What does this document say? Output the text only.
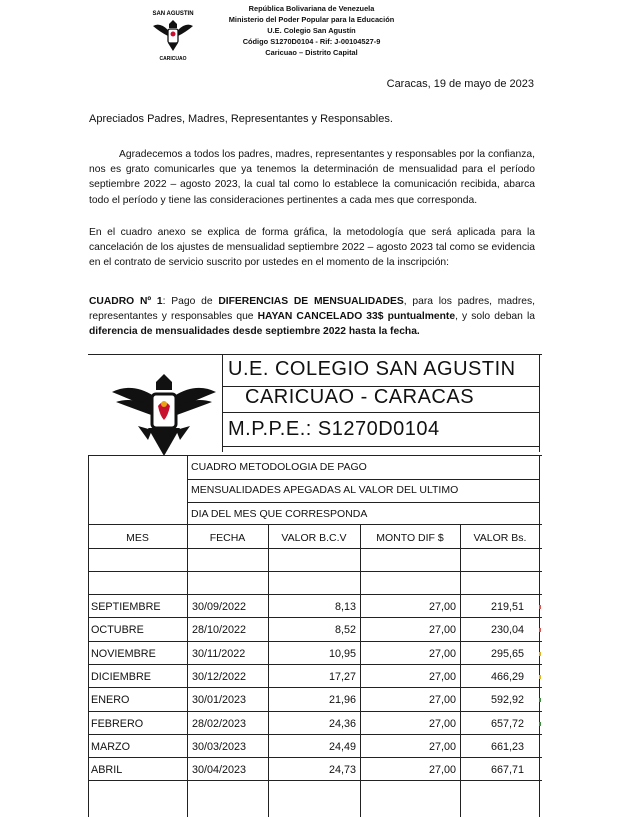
SAN AGUSTIN
CARICUAO
República Bolivariana de Venezuela
Ministerio del Poder Popular para la Educación
U.E. Colegio San Agustín
Código S1270D0104 - Rif: J-00104527-9
Caricuao – Distrito Capital
Caracas, 19 de mayo de 2023
Apreciados Padres, Madres, Representantes y Responsables.
Agradecemos a todos los padres, madres, representantes y responsables por la confianza, nos es grato comunicarles que ya tenemos la determinación de mensualidad para el período septiembre 2022 – agosto 2023, la cual tal como lo establece la comunicación recibida, abarca todo el período y tiene las consideraciones pertinentes a cada mes que corresponda.
En el cuadro anexo se explica de forma gráfica, la metodología que será aplicada para la cancelación de los ajustes de mensualidad septiembre 2022 – agosto 2023 tal como se evidencia en el contrato de servicio suscrito por ustedes en el momento de la inscripción:
CUADRO Nº 1: Pago de DIFERENCIAS DE MENSUALIDADES, para los padres, madres, representantes y responsables que HAYAN CANCELADO 33$ puntualmente, y solo deban la diferencia de mensualidades desde septiembre 2022 hasta la fecha.
U.E. COLEGIO SAN AGUSTIN
CARICUAO - CARACAS
M.P.P.E.: S1270D0104
CUADRO METODOLOGIA DE PAGO
MENSUALIDADES APEGADAS AL VALOR DEL ULTIMO
DIA DEL MES QUE CORRESPONDA
MES	FECHA	VALOR B.C.V	MONTO DIF $	VALOR Bs.
SEPTIEMBRE	30/09/2022	8,13	27,00	219,51
OCTUBRE	28/10/2022	8,52	27,00	230,04
NOVIEMBRE	30/11/2022	10,95	27,00	295,65
DICIEMBRE	30/12/2022	17,27	27,00	466,29
ENERO	30/01/2023	21,96	27,00	592,92
FEBRERO	28/02/2023	24,36	27,00	657,72
MARZO	30/03/2023	24,49	27,00	661,23
ABRIL	30/04/2023	24,73	27,00	667,71
